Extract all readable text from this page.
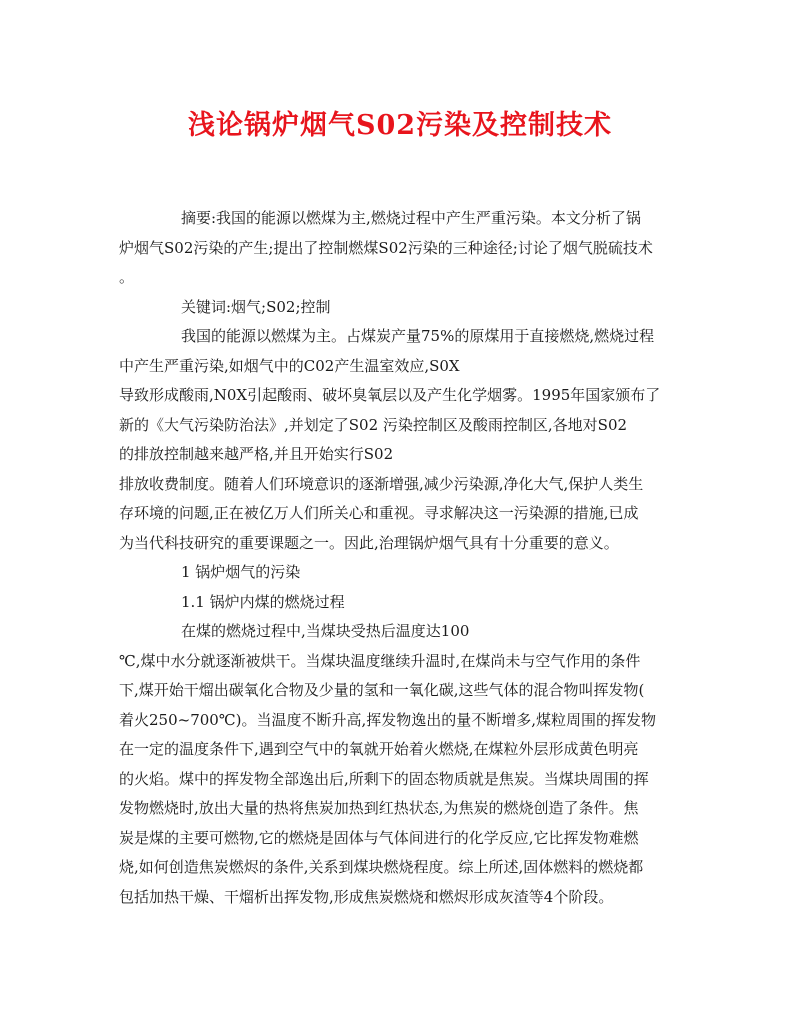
浅论锅炉烟气S02污染及控制技术
摘要:我国的能源以燃煤为主,燃烧过程中产生严重污染。本文分析了锅
炉烟气S02污染的产生;提出了控制燃煤S02污染的三种途径;讨论了烟气脱硫技术
。
关键词:烟气;S02;控制
我国的能源以燃煤为主。占煤炭产量75%的原煤用于直接燃烧,燃烧过程
中产生严重污染,如烟气中的C02产生温室效应,S0X
导致形成酸雨,N0X引起酸雨、破坏臭氧层以及产生化学烟雾。1995年国家颁布了
新的《大气污染防治法》,并划定了S02 污染控制区及酸雨控制区,各地对S02
的排放控制越来越严格,并且开始实行S02
排放收费制度。随着人们环境意识的逐渐增强,减少污染源,净化大气,保护人类生
存环境的问题,正在被亿万人们所关心和重视。寻求解决这一污染源的措施,已成
为当代科技研究的重要课题之一。因此,治理锅炉烟气具有十分重要的意义。
1 锅炉烟气的污染
1.1 锅炉内煤的燃烧过程
在煤的燃烧过程中,当煤块受热后温度达100
℃,煤中水分就逐渐被烘干。当煤块温度继续升温时,在煤尚未与空气作用的条件
下,煤开始干熘出碳氧化合物及少量的氢和一氧化碳,这些气体的混合物叫挥发物(
着火250~700℃)。当温度不断升高,挥发物逸出的量不断增多,煤粒周围的挥发物
在一定的温度条件下,遇到空气中的氧就开始着火燃烧,在煤粒外层形成黄色明亮
的火焰。煤中的挥发物全部逸出后,所剩下的固态物质就是焦炭。当煤块周围的挥
发物燃烧时,放出大量的热将焦炭加热到红热状态,为焦炭的燃烧创造了条件。焦
炭是煤的主要可燃物,它的燃烧是固体与气体间进行的化学反应,它比挥发物难燃
烧,如何创造焦炭燃烬的条件,关系到煤块燃烧程度。综上所述,固体燃料的燃烧都
包括加热干燥、干熘析出挥发物,形成焦炭燃烧和燃烬形成灰渣等4个阶段。
